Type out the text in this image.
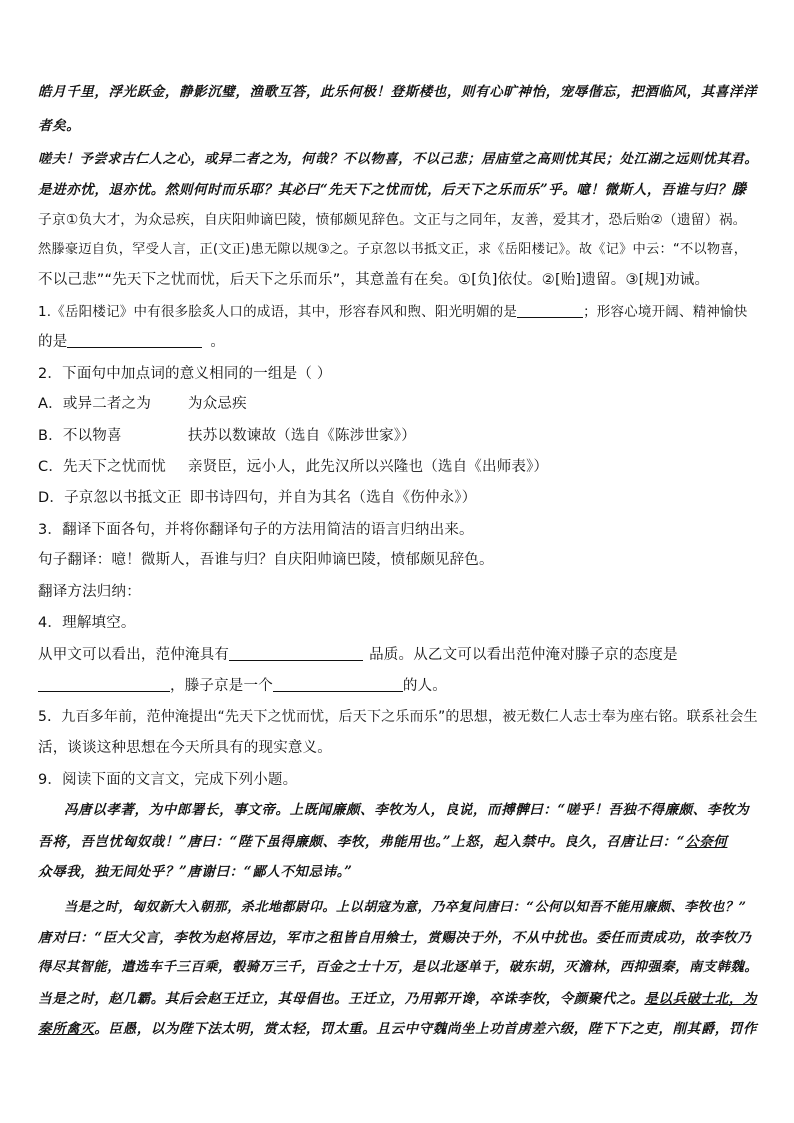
皓月千里，浮光跃金，静影沉璧，渔歌互答，此乐何极！登斯楼也，则有心旷神怡，宠辱偕忘，把酒临风，其喜洋洋
者矣。
嗟夫！予尝求古仁人之心，或异二者之为，何哉？不以物喜，不以己悲；居庙堂之高则忧其民；处江湖之远则忧其君。
是进亦忧，退亦忧。然则何时而乐耶？其必曰“先天下之忧而忧，后天下之乐而乐”乎。噫！微斯人，吾谁与归？滕
子京①负大才，为众忌疾，自庆阳帅谪巴陵，愤郁颇见辞色。文正与之同年，友善，爱其才，恐后贻②（遗留）祸。
然滕豪迈自负，罕受人言，正(文正)患无隙以规③之。子京忽以书抵文正，求《岳阳楼记》。故《记》中云：“不以物喜，
不以己悲”“先天下之忧而忧，后天下之乐而乐”，其意盖有在矣。①[负]依仗。②[贻]遗留。③[规]劝诫。
1.《岳阳楼记》中有很多脍炙人口的成语，其中，形容春风和煦、阳光明媚的是	；形容心境开阔、精神愉快
的是	。
2．下面句中加点词的意义相同的一组是（ ）
A．或异二者之为	为众忌疾
B．不以物喜	扶苏以数谏故（选自《陈涉世家》）
C．先天下之忧而忧 亲贤臣，远小人，此先汉所以兴隆也（选自《出师表》）
D．子京忽以书抵文正 即书诗四句，并自为其名（选自《伤仲永》）
3．翻译下面各句，并将你翻译句子的方法用简洁的语言归纳出来。
句子翻译：噫！微斯人，吾谁与归？自庆阳帅谪巴陵，愤郁颇见辞色。
翻译方法归纳：
4．理解填空。
从甲文可以看出，范仲淹具有	品质。从乙文可以看出范仲淹对滕子京的态度是
，滕子京是一个	的人。
5．九百多年前，范仲淹提出“先天下之忧而忧，后天下之乐而乐”的思想，被无数仁人志士奉为座右铭。联系社会生
活，谈谈这种思想在今天所具有的现实意义。
9．阅读下面的文言文，完成下列小题。
冯唐以孝著，为中郎署长，事文帝。上既闻廉颇、李牧为人，良说，而搏髀曰：“嗟乎！吾独不得廉颇、李牧为
吾将，吾岂忧匈奴哉！”唐曰：“陛下虽得廉颇、李牧，弗能用也。”上怒，起入禁中。良久，召唐让曰：“公奈何
众辱我，独无间处乎？”唐谢曰：“鄙人不知忌讳。”
当是之时，匈奴新大入朝那，杀北地都尉卬。上以胡寇为意，乃卒复问唐曰：“公何以知吾不能用廉颇、李牧也？”
唐对曰：“臣大父言，李牧为赵将居边，军市之租皆自用飨士，赏赐决于外，不从中扰也。委任而责成功，故李牧乃
得尽其智能，遣选车千三百乘，彀骑万三千，百金之士十万，是以北逐单于，破东胡，灭澹林，西抑强秦，南支韩魏。
当是之时，赵几霸。其后会赵王迁立，其母倡也。王迁立，乃用郭开谗，卒诛李牧，令颜聚代之。是以兵破士北，为
秦所禽灭。臣愚，以为陛下法太明，赏太轻，罚太重。且云中守魏尚坐上功首虏差六级，陛下下之吏，削其爵，罚作
